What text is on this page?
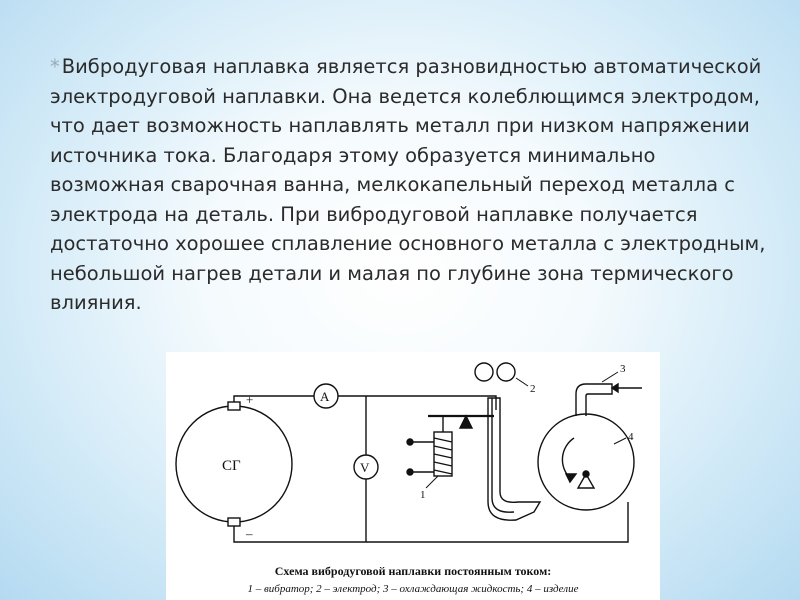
* Вибродуговая наплавка является разновидностью автоматической электродуговой наплавки. Она ведется колеблющимся электродом, что дает возможность наплавлять металл при низком напряжении источника тока. Благодаря этому образуется минимально возможная сварочная ванна, мелкокапельный переход металла с электрода на деталь. При вибродуговой наплавке получается достаточно хорошее сплавление основного металла с электродным, небольшой нагрев детали и малая по глубине зона термического влияния.
СГ
A
V
+
–
1
2
3
4
Схема вибродуговой наплавки постоянным током:
1 – вибратор; 2 – электрод; 3 – охлаждающая жидкость; 4 – изделие
